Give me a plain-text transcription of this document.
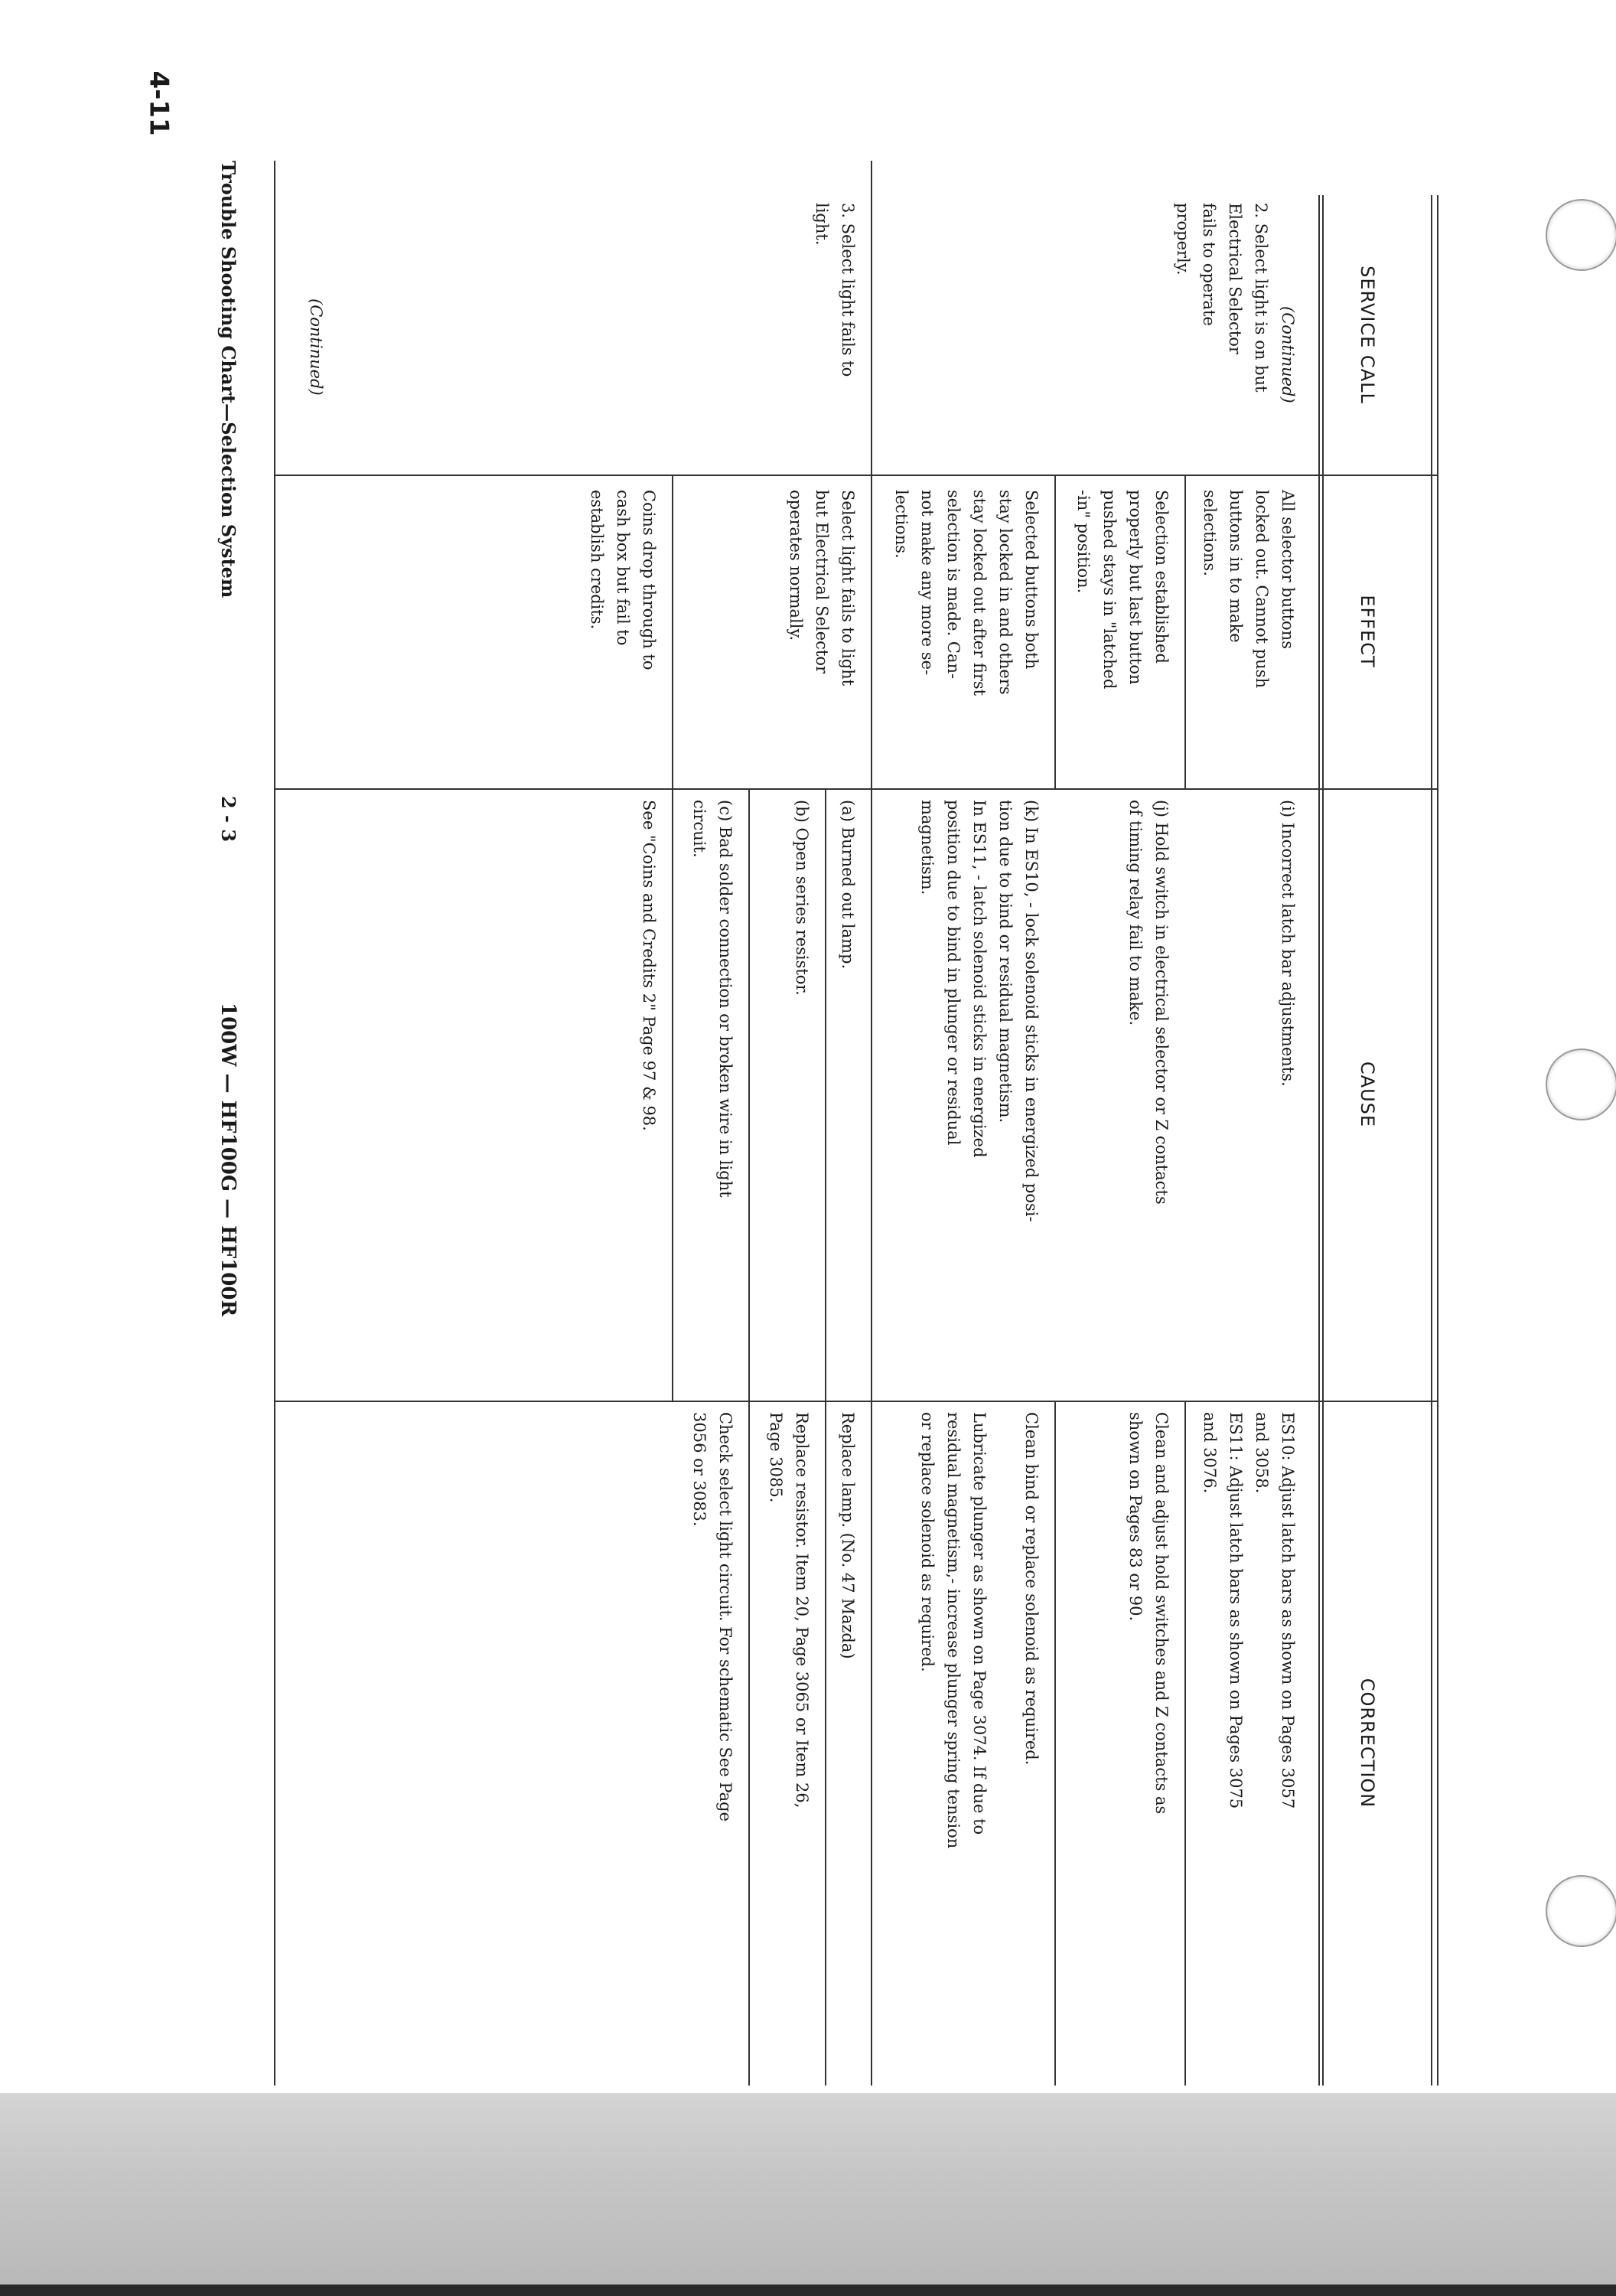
4-11
SERVICE CALL
EFFECT
CAUSE
CORRECTION
(Continued)
2. Select light is on but
Electrical Selector
fails to operate
properly.
All selector buttons
locked out. Cannot push
buttons in to make
selections.
(i) Incorrect latch bar adjustments.
ES10: Adjust latch bars as shown on Pages 3057
and 3058.
ES11: Adjust latch bars as shown on Pages 3075
and 3076.
Selection established
properly but last button
pushed stays in "latched
-in" position.
(j) Hold switch in electrical selector or Z contacts
of timing relay fail to make.
Clean and adjust hold switches and Z contacts as
shown on Pages 83 or 90.
Selected buttons both
stay locked in and others
stay locked out after first
selection is made. Can-
not make any more se-
lections.
(k) In ES10, - lock solenoid sticks in energized posi-
tion due to bind or residual magnetism.
In ES11, - latch solenoid sticks in energized
position due to bind in plunger or residual
magnetism.
Clean bind or replace solenoid as required.

Lubricate plunger as shown on Page 3074. If due to
residual magnetism,- increase plunger spring tension
or replace solenoid as required.
3. Select light fails to
light.
Select light fails to light
but Electrical Selector
operates normally.
(a) Burned out lamp.
Replace lamp. (No. 47 Mazda)
(b) Open series resistor.
Replace resistor. Item 20, Page 3065 or Item 26,
Page 3085.
(c) Bad solder connection or broken wire in light
circuit.
Check select light circuit. For schematic See Page
3056 or 3083.
Coins drop through to
cash box but fail to
establish credits.
See "Coins and Credits 2" Page 97 & 98.
(Continued)
Trouble Shooting Chart—Selection System
2 - 3
100W — HF100G — HF100R
